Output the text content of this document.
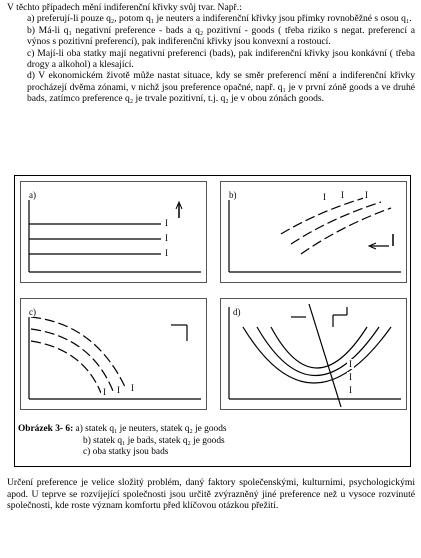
V těchto případech mění indiferenční křivky svůj tvar. Např.:

a) preferují-li pouze q₂, potom q₁ je neuters a indiferenční křivky jsou přímky rovnoběžné s osou q₁.

b) Má-li q₁ negativní preference - bads a q₂ pozitivní - goods ( třeba riziko s negat. preferencí a výnos s pozitivní preferencí), pak indiferenční křivky jsou konvexní a rostoucí.

c) Mají-li oba statky mají negativní preferenci (bads), pak indiferenční křivky jsou konkávní ( třeba drogy a alkohol) a klesající.

d) V ekonomickém životě může nastat situace, kdy se směr preferencí mění a indiferenční křivky procházejí dvěma zónami, v nichž jsou preference opačné, např. q₁ je v první zóně goods a ve druhé bads, zatímco preference q₂ je trvale pozitivní, t.j. q₂ je v obou zónách goods.

a)
I
I
I
b)	I I I
c)
I I I
d)
I
I
I
Obrázek 3- 6: a) statek q₁ je neuters, statek q₂ je goods
b) statek q₁ je bads, statek q₂ je goods
c) oba statky jsou bads
Určení preference je velice složitý problém, daný faktory společenskými, kulturními, psychologickými apod. U teprve se rozvíjející společnosti jsou určitě zvýrazněný jiné preference než u vysoce rozvinuté společnosti, kde roste význam komfortu před klíčovou otázkou přežití.
